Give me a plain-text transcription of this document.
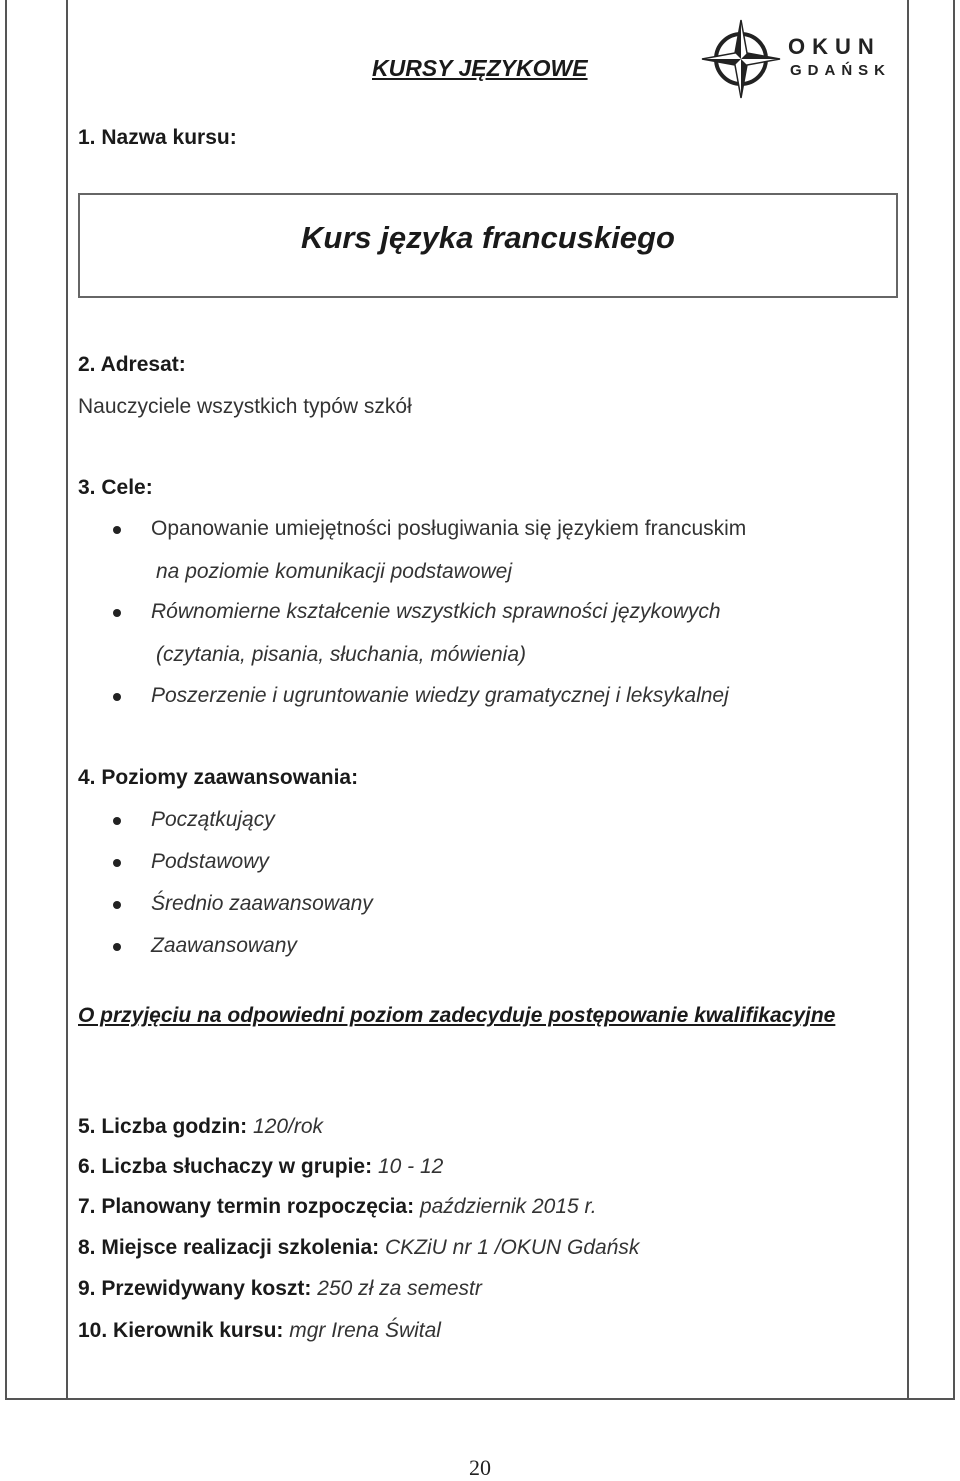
KURSY JĘZYKOWE
OKUN
GDAŃSK
1. Nazwa kursu:
Kurs języka francuskiego
2. Adresat:
Nauczyciele wszystkich typów szkół
3. Cele:
Opanowanie umiejętności posługiwania się językiem francuskim
na poziomie komunikacji podstawowej
Równomierne kształcenie wszystkich sprawności językowych
(czytania, pisania, słuchania, mówienia)
Poszerzenie i ugruntowanie wiedzy gramatycznej i leksykalnej
4. Poziomy zaawansowania:
Początkujący
Podstawowy
Średnio zaawansowany
Zaawansowany
O przyjęciu na odpowiedni poziom zadecyduje postępowanie kwalifikacyjne
5. Liczba godzin: 120/rok
6. Liczba słuchaczy w grupie: 10 - 12
7. Planowany termin rozpoczęcia: październik 2015 r.
8. Miejsce realizacji szkolenia: CKZiU nr 1 /OKUN Gdańsk
9. Przewidywany koszt: 250 zł za semestr
10. Kierownik kursu: mgr Irena Śwital
20
